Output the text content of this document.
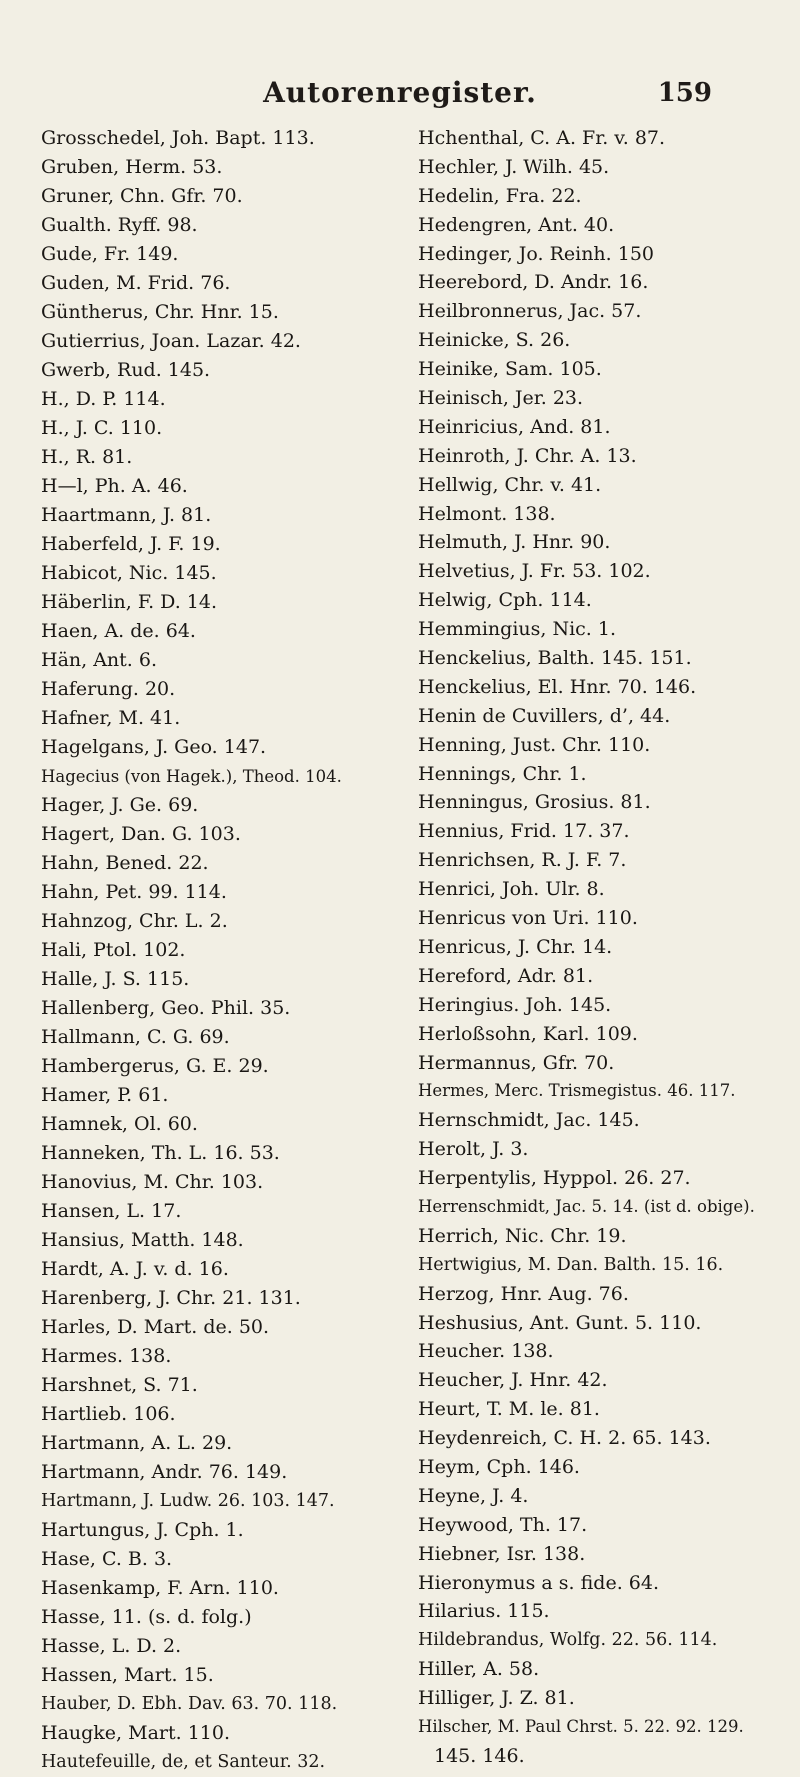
Autorenregister.	159
Grosschedel, Joh. Bapt. 113.
Gruben, Herm. 53.
Gruner, Chn. Gfr. 70.
Gualth. Ryff. 98.
Gude, Fr. 149.
Guden, M. Frid. 76.
Güntherus, Chr. Hnr. 15.
Gutierrius, Joan. Lazar. 42.
Gwerb, Rud. 145.
H., D. P. 114.
H., J. C. 110.
H., R. 81.
H—l, Ph. A. 46.
Haartmann, J. 81.
Haberfeld, J. F. 19.
Habicot, Nic. 145.
Häberlin, F. D. 14.
Haen, A. de. 64.
Hän, Ant. 6.
Haferung. 20.
Hafner, M. 41.
Hagelgans, J. Geo. 147.
Hagecius (von Hagek.), Theod. 104.
Hager, J. Ge. 69.
Hagert, Dan. G. 103.
Hahn, Bened. 22.
Hahn, Pet. 99. 114.
Hahnzog, Chr. L. 2.
Hali, Ptol. 102.
Halle, J. S. 115.
Hallenberg, Geo. Phil. 35.
Hallmann, C. G. 69.
Hambergerus, G. E. 29.
Hamer, P. 61.
Hamnek, Ol. 60.
Hanneken, Th. L. 16. 53.
Hanovius, M. Chr. 103.
Hansen, L. 17.
Hansius, Matth. 148.
Hardt, A. J. v. d. 16.
Harenberg, J. Chr. 21. 131.
Harles, D. Mart. de. 50.
Harmes. 138.
Harshnet, S. 71.
Hartlieb. 106.
Hartmann, A. L. 29.
Hartmann, Andr. 76. 149.
Hartmann, J. Ludw. 26. 103. 147.
Hartungus, J. Cph. 1.
Hase, C. B. 3.
Hasenkamp, F. Arn. 110.
Hasse, 11. (s. d. folg.)
Hasse, L. D. 2.
Hassen, Mart. 15.
Hauber, D. Ebh. Dav. 63. 70. 118.
Haugke, Mart. 110.
Hautefeuille, de, et Santeur. 32.
Hchenthal, C. A. Fr. v. 87.
Hechler, J. Wilh. 45.
Hedelin, Fra. 22.
Hedengren, Ant. 40.
Hedinger, Jo. Reinh. 150
Heerebord, D. Andr. 16.
Heilbronnerus, Jac. 57.
Heinicke, S. 26.
Heinike, Sam. 105.
Heinisch, Jer. 23.
Heinricius, And. 81.
Heinroth, J. Chr. A. 13.
Hellwig, Chr. v. 41.
Helmont. 138.
Helmuth, J. Hnr. 90.
Helvetius, J. Fr. 53. 102.
Helwig, Cph. 114.
Hemmingius, Nic. 1.
Henckelius, Balth. 145. 151.
Henckelius, El. Hnr. 70. 146.
Henin de Cuvillers, d’, 44.
Henning, Just. Chr. 110.
Hennings, Chr. 1.
Henningus, Grosius. 81.
Hennius, Frid. 17. 37.
Henrichsen, R. J. F. 7.
Henrici, Joh. Ulr. 8.
Henricus von Uri. 110.
Henricus, J. Chr. 14.
Hereford, Adr. 81.
Heringius. Joh. 145.
Herloßsohn, Karl. 109.
Hermannus, Gfr. 70.
Hermes, Merc. Trismegistus. 46. 117.
Hernschmidt, Jac. 145.
Herolt, J. 3.
Herpentylis, Hyppol. 26. 27.
Herrenschmidt, Jac. 5. 14. (ist d. obige).
Herrich, Nic. Chr. 19.
Hertwigius, M. Dan. Balth. 15. 16.
Herzog, Hnr. Aug. 76.
Heshusius, Ant. Gunt. 5. 110.
Heucher. 138.
Heucher, J. Hnr. 42.
Heurt, T. M. le. 81.
Heydenreich, C. H. 2. 65. 143.
Heym, Cph. 146.
Heyne, J. 4.
Heywood, Th. 17.
Hiebner, Isr. 138.
Hieronymus a s. fide. 64.
Hilarius. 115.
Hildebrandus, Wolfg. 22. 56. 114.
Hiller, A. 58.
Hilliger, J. Z. 81.
Hilscher, M. Paul Chrst. 5. 22. 92. 129.
145. 146.
